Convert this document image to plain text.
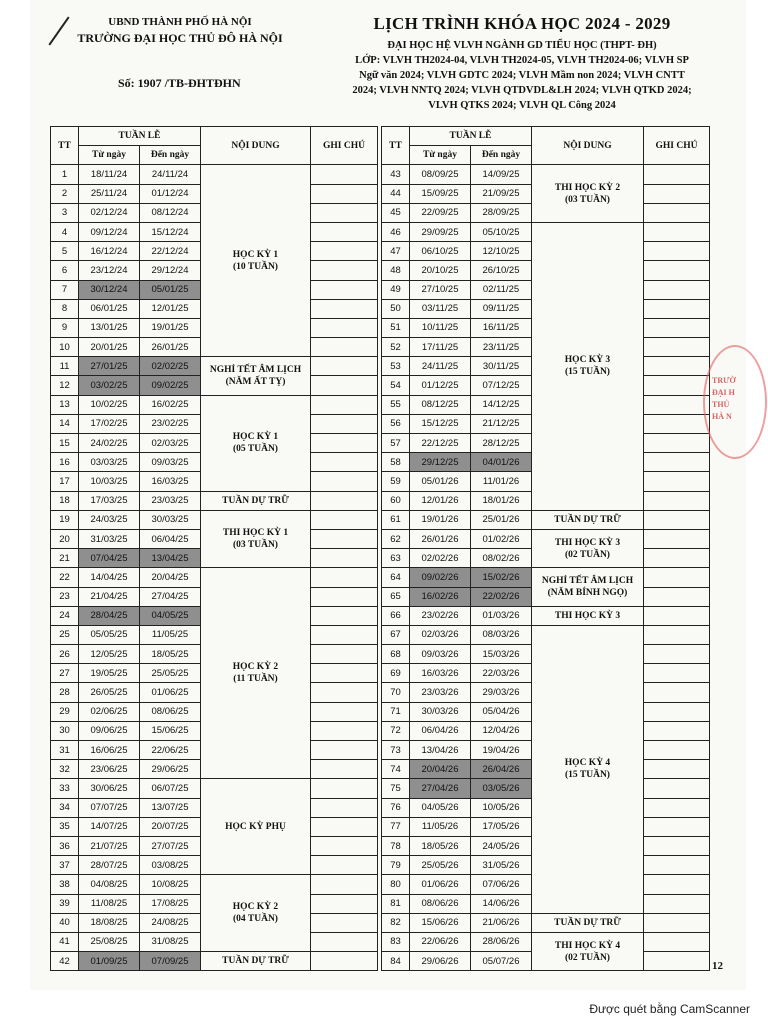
UBND THÀNH PHỐ HÀ NỘI
TRƯỜNG ĐẠI HỌC THỦ ĐÔ HÀ NỘI
Số: 1907 /TB-ĐHTĐHN
LỊCH TRÌNH KHÓA HỌC 2024 - 2029
ĐẠI HỌC HỆ VLVH NGÀNH GD TIỂU HỌC (THPT- ĐH)
LỚP: VLVH TH2024-04, VLVH TH2024-05, VLVH TH2024-06; VLVH SP
Ngữ văn 2024; VLVH GDTC 2024; VLVH Mầm non 2024; VLVH CNTT
2024; VLVH NNTQ 2024; VLVH QTDVDL&LH 2024; VLVH QTKD 2024;
VLVH QTKS 2024; VLVH QL Công 2024
TT	TUẦN LỄ		NỘI DUNG	GHI CHÚ
	Từ ngày	Đến ngày		
1	18/11/24	24/11/24	HỌC KỲ 1
(10 TUẦN)	

2	25/11/24	01/12/24		
3	02/12/24	08/12/24		
4	09/12/24	15/12/24		
5	16/12/24	22/12/24		
6	23/12/24	29/12/24		
7	30/12/24	05/01/25		
8	06/01/25	12/01/25		
9	13/01/25	19/01/25		
10	20/01/25	26/01/25		
11	27/01/25	02/02/25	NGHỈ TẾT ÂM LỊCH
(NĂM ẤT TỴ)	

12	03/02/25	09/02/25		
13	10/02/25	16/02/25	HỌC KỲ 1
(05 TUẦN)	

14	17/02/25	23/02/25		
15	24/02/25	02/03/25		
16	03/03/25	09/03/25		
17	10/03/25	16/03/25		
18	17/03/25	23/03/25	TUẦN DỰ TRỮ	

19	24/03/25	30/03/25	THI HỌC KỲ 1
(03 TUẦN)	

20	31/03/25	06/04/25		
21	07/04/25	13/04/25		
22	14/04/25	20/04/25	HỌC KỲ 2
(11 TUẦN)	

23	21/04/25	27/04/25		
24	28/04/25	04/05/25		
25	05/05/25	11/05/25		
26	12/05/25	18/05/25		
27	19/05/25	25/05/25		
28	26/05/25	01/06/25		
29	02/06/25	08/06/25		
30	09/06/25	15/06/25		
31	16/06/25	22/06/25		
32	23/06/25	29/06/25		
33	30/06/25	06/07/25	HỌC KỲ PHỤ	

34	07/07/25	13/07/25		
35	14/07/25	20/07/25		
36	21/07/25	27/07/25		
37	28/07/25	03/08/25		
38	04/08/25	10/08/25	HỌC KỲ 2
(04 TUẦN)	

39	11/08/25	17/08/25		
40	18/08/25	24/08/25		
41	25/08/25	31/08/25		
42	01/09/25	07/09/25	TUẦN DỰ TRỮ	

TT	TUẦN LỄ		NỘI DUNG	GHI CHÚ
	Từ ngày	Đến ngày		
43	08/09/25	14/09/25	THI HỌC KỲ 2
(03 TUẦN)	

44	15/09/25	21/09/25		
45	22/09/25	28/09/25		
46	29/09/25	05/10/25	HỌC KỲ 3
(15 TUẦN)	

47	06/10/25	12/10/25		
48	20/10/25	26/10/25		
49	27/10/25	02/11/25		
50	03/11/25	09/11/25		
51	10/11/25	16/11/25		
52	17/11/25	23/11/25		
53	24/11/25	30/11/25		
54	01/12/25	07/12/25		
55	08/12/25	14/12/25		
56	15/12/25	21/12/25		
57	22/12/25	28/12/25		
58	29/12/25	04/01/26		
59	05/01/26	11/01/26		
60	12/01/26	18/01/26		
61	19/01/26	25/01/26	TUẦN DỰ TRỮ	

62	26/01/26	01/02/26	THI HỌC KỲ 3
(02 TUẦN)	

63	02/02/26	08/02/26		
64	09/02/26	15/02/26	NGHỈ TẾT ÂM LỊCH
(NĂM BÍNH NGỌ)	

65	16/02/26	22/02/26		
66	23/02/26	01/03/26	THI HỌC KỲ 3	

67	02/03/26	08/03/26	HỌC KỲ 4
(15 TUẦN)	

68	09/03/26	15/03/26		
69	16/03/26	22/03/26		
70	23/03/26	29/03/26		
71	30/03/26	05/04/26		
72	06/04/26	12/04/26		
73	13/04/26	19/04/26		
74	20/04/26	26/04/26		
75	27/04/26	03/05/26		
76	04/05/26	10/05/26		
77	11/05/26	17/05/26		
78	18/05/26	24/05/26		
79	25/05/26	31/05/26		
80	01/06/26	07/06/26		
81	08/06/26	14/06/26		
82	15/06/26	21/06/26	TUẦN DỰ TRỮ	

83	22/06/26	28/06/26	THI HỌC KỲ 4
(02 TUẦN)	

84	29/06/26	05/07/26		
TRƯỜ
ĐẠI H
THỦ
HÀ N
12
Được quét bằng CamScanner
